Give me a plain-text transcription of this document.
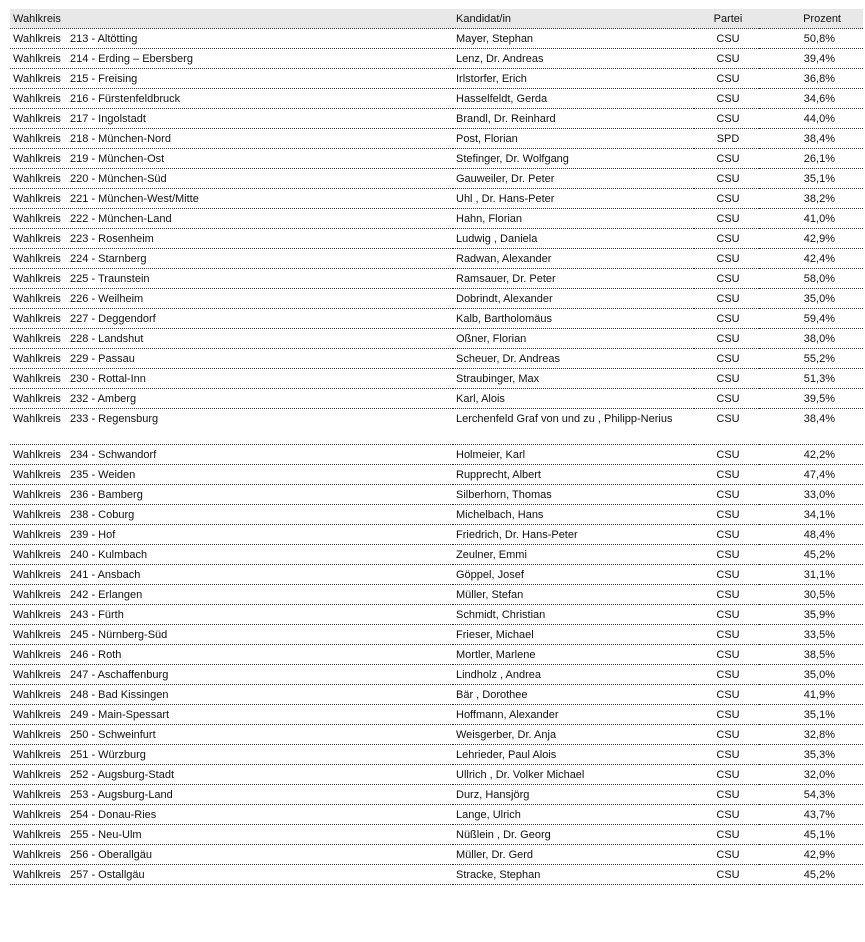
Wahlkreis	Kandidat/in	Partei	Prozent
Wahlkreis   213 - Altötting	Mayer, Stephan	CSU	50,8%
Wahlkreis   214 - Erding – Ebersberg	Lenz, Dr. Andreas	CSU	39,4%
Wahlkreis   215 - Freising	Irlstorfer, Erich	CSU	36,8%
Wahlkreis   216 - Fürstenfeldbruck	Hasselfeldt, Gerda	CSU	34,6%
Wahlkreis   217 - Ingolstadt	Brandl, Dr. Reinhard	CSU	44,0%
Wahlkreis   218 - München-Nord	Post, Florian	SPD	38,4%
Wahlkreis   219 - München-Ost	Stefinger, Dr. Wolfgang	CSU	26,1%
Wahlkreis   220 - München-Süd	Gauweiler, Dr. Peter	CSU	35,1%
Wahlkreis   221 - München-West/Mitte	Uhl , Dr. Hans-Peter	CSU	38,2%
Wahlkreis   222 - München-Land	Hahn, Florian	CSU	41,0%
Wahlkreis   223 - Rosenheim	Ludwig , Daniela	CSU	42,9%
Wahlkreis   224 - Starnberg	Radwan, Alexander	CSU	42,4%
Wahlkreis   225 - Traunstein	Ramsauer, Dr. Peter	CSU	58,0%
Wahlkreis   226 - Weilheim	Dobrindt, Alexander	CSU	35,0%
Wahlkreis   227 - Deggendorf	Kalb, Bartholomäus	CSU	59,4%
Wahlkreis   228 - Landshut	Oßner, Florian	CSU	38,0%
Wahlkreis   229 - Passau	Scheuer, Dr. Andreas	CSU	55,2%
Wahlkreis   230 - Rottal-Inn	Straubinger, Max	CSU	51,3%
Wahlkreis   232 - Amberg	Karl, Alois	CSU	39,5%
Wahlkreis   233 - Regensburg	Lerchenfeld Graf von und zu , Philipp-Nerius	CSU	38,4%
Wahlkreis   234 - Schwandorf	Holmeier, Karl	CSU	42,2%
Wahlkreis   235 - Weiden	Rupprecht, Albert	CSU	47,4%
Wahlkreis   236 - Bamberg	Silberhorn, Thomas	CSU	33,0%
Wahlkreis   238 - Coburg	Michelbach, Hans	CSU	34,1%
Wahlkreis   239 - Hof	Friedrich, Dr. Hans-Peter	CSU	48,4%
Wahlkreis   240 - Kulmbach	Zeulner, Emmi	CSU	45,2%
Wahlkreis   241 - Ansbach	Göppel, Josef	CSU	31,1%
Wahlkreis   242 - Erlangen	Müller, Stefan	CSU	30,5%
Wahlkreis   243 - Fürth	Schmidt, Christian	CSU	35,9%
Wahlkreis   245 - Nürnberg-Süd	Frieser, Michael	CSU	33,5%
Wahlkreis   246 - Roth	Mortler, Marlene	CSU	38,5%
Wahlkreis   247 - Aschaffenburg	Lindholz , Andrea	CSU	35,0%
Wahlkreis   248 - Bad Kissingen	Bär , Dorothee	CSU	41,9%
Wahlkreis   249 - Main-Spessart	Hoffmann, Alexander	CSU	35,1%
Wahlkreis   250 - Schweinfurt	Weisgerber, Dr. Anja	CSU	32,8%
Wahlkreis   251 - Würzburg	Lehrieder, Paul Alois	CSU	35,3%
Wahlkreis   252 - Augsburg-Stadt	Ullrich , Dr. Volker Michael	CSU	32,0%
Wahlkreis   253 - Augsburg-Land	Durz, Hansjörg	CSU	54,3%
Wahlkreis   254 - Donau-Ries	Lange, Ulrich	CSU	43,7%
Wahlkreis   255 - Neu-Ulm	Nüßlein , Dr. Georg	CSU	45,1%
Wahlkreis   256 - Oberallgäu	Müller, Dr. Gerd	CSU	42,9%
Wahlkreis   257 - Ostallgäu	Stracke, Stephan	CSU	45,2%
